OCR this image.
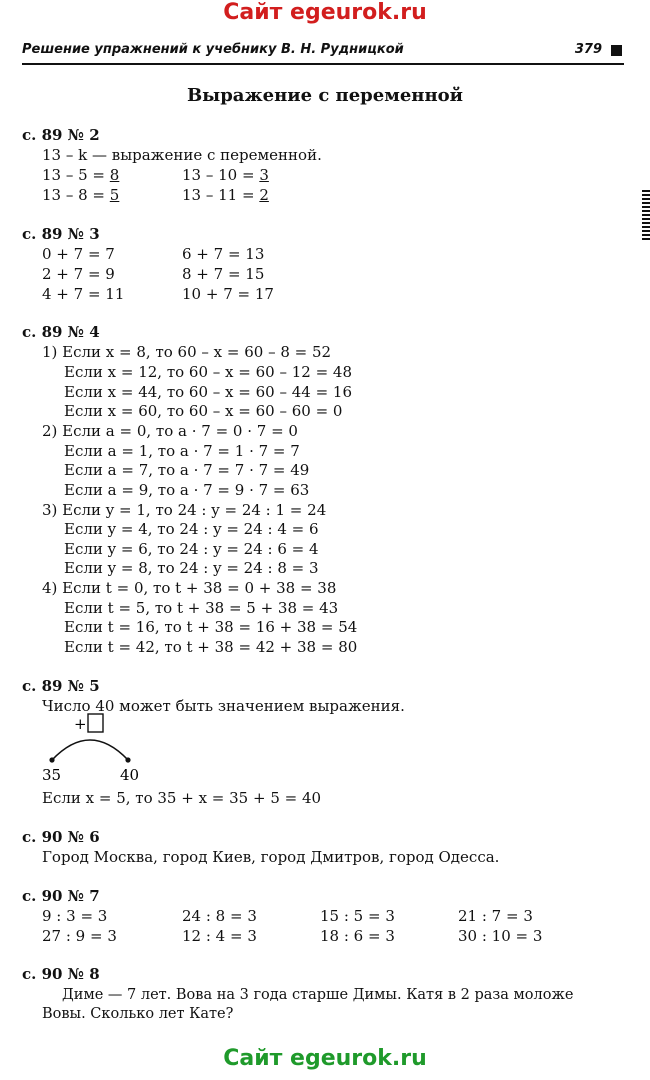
Сайт egeurok.ru
Решение упражнений к учебнику В. Н. Рудницкой	379
Выражение с переменной
с. 89 № 2
13 – k — выражение с переменной.
13 – 5 = 8	13 – 10 = 3
13 – 8 = 5	13 – 11 = 2
с. 89 № 3
0 + 7 = 7	6 + 7 = 13
2 + 7 = 9	8 + 7 = 15
4 + 7 = 11	10 + 7 = 17
с. 89 № 4
1) Если x = 8, то 60 – x = 60 – 8 = 52
Если x = 12, то 60 – x = 60 – 12 = 48
Если x = 44, то 60 – x = 60 – 44 = 16
Если x = 60, то 60 – x = 60 – 60 = 0
2) Если a = 0, то a · 7 = 0 · 7 = 0
Если a = 1, то a · 7 = 1 · 7 = 7
Если a = 7, то a · 7 = 7 · 7 = 49
Если a = 9, то a · 7 = 9 · 7 = 63
3) Если y = 1, то 24 : y = 24 : 1 = 24
Если y = 4, то 24 : y = 24 : 4 = 6
Если y = 6, то 24 : y = 24 : 6 = 4
Если y = 8, то 24 : y = 24 : 8 = 3
4) Если t = 0, то t + 38 = 0 + 38 = 38
Если t = 5, то t + 38 = 5 + 38 = 43
Если t = 16, то t + 38 = 16 + 38 = 54
Если t = 42, то t + 38 = 42 + 38 = 80
с. 89 № 5
Число 40 может быть значением выражения.
+
35	40
Если x = 5, то 35 + x = 35 + 5 = 40
с. 90 № 6
Город Москва, город Киев, город Дмитров, город Одесса.
с. 90 № 7
9 : 3 = 3	24 : 8 = 3	15 : 5 = 3	21 : 7 = 3
27 : 9 = 3	12 : 4 = 3	18 : 6 = 3	30 : 10 = 3
с. 90 № 8
Диме — 7 лет. Вова на 3 года старше Димы. Катя в 2 раза моложе
Вовы. Сколько лет Кате?
Сайт egeurok.ru
